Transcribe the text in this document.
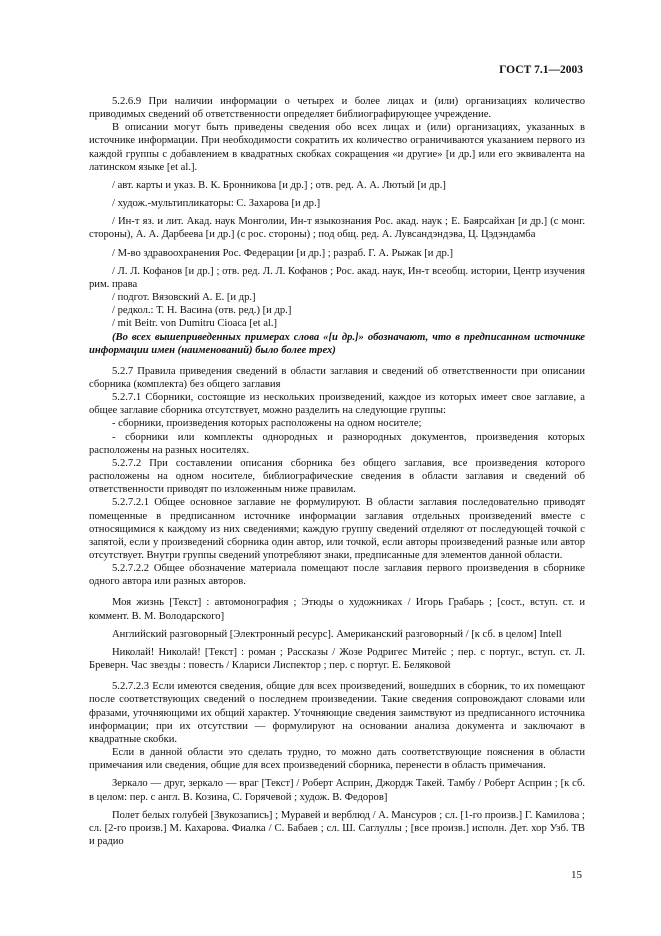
ГОСТ 7.1—2003

5.2.6.9 При наличии информации о четырех и более лицах и (или) организациях количество приводимых сведений об ответственности определяет библиографирующее учреждение.

В описании могут быть приведены сведения обо всех лицах и (или) организациях, указанных в источнике информации. При необходимости сократить их количество ограничиваются указанием первого из каждой группы с добавлением в квадратных скобках сокращения «и другие» [и др.] или его эквивалента на латинском языке [et al.].

/ авт. карты и указ. В. К. Бронникова [и др.] ; отв. ред. А. А. Лютый [и др.]

/ худож.-мультипликаторы: С. Захарова [и др.]

/ Ин-т яз. и лит. Акад. наук Монголии, Ин-т языкознания Рос. акад. наук ; Е. Баярсайхан [и др.] (с монг. стороны), А. А. Дарбеева [и др.] (с рос. стороны) ; под общ. ред. А. Лувсандэндэва, Ц. Цэдэндамба

/ М-во здравоохранения Рос. Федерации [и др.] ; разраб. Г. А. Рыжак [и др.]

/ Л. Л. Кофанов [и др.] ; отв. ред. Л. Л. Кофанов ; Рос. акад. наук, Ин-т всеобщ. истории, Центр изучения рим. права

/ подгот. Вязовский А. Е. [и др.]

/ редкол.: Т. Н. Васина (отв. ред.) [и др.]

/ mit Beitr. von Dumitru Cioaca [et al.]

(Во всех вышеприведенных примерах слова «[и др.]» обозначают, что в предписанном источнике информации имен (наименований) было более трех)

5.2.7 Правила приведения сведений в области заглавия и сведений об ответственности при описании сборника (комплекта) без общего заглавия

5.2.7.1 Сборники, состоящие из нескольких произведений, каждое из которых имеет свое заглавие, а общее заглавие сборника отсутствует, можно разделить на следующие группы:

- сборники, произведения которых расположены на одном носителе;

- сборники или комплекты однородных и разнородных документов, произведения которых расположены на разных носителях.

5.2.7.2 При составлении описания сборника без общего заглавия, все произведения которого расположены на одном носителе, библиографические сведения в области заглавия и сведений об ответственности приводят по изложенным ниже правилам.

5.2.7.2.1 Общее основное заглавие не формулируют. В области заглавия последовательно приводят помещенные в предписанном источнике информации заглавия отдельных произведений вместе с относящимися к каждому из них сведениями; каждую группу сведений отделяют от последующей точкой с запятой, если у произведений сборника один автор, или точкой, если авторы произведений разные или автор отсутствует. Внутри группы сведений употребляют знаки, предписанные для элементов данной области.

5.2.7.2.2 Общее обозначение материала помещают после заглавия первого произведения в сборнике одного автора или разных авторов.

Моя жизнь [Текст] : автомонография ; Этюды о художниках / Игорь Грабарь ; [сост., вступ. ст. и коммент. В. М. Володарского]

Английский разговорный [Электронный ресурс]. Американский разговорный / [к сб. в целом] Intell

Николай! Николай! [Текст] : роман ; Рассказы / Жозе Родригес Митейс ; пер. с португ., вступ. ст. Л. Бреверн. Час звезды : повесть / Клариси Лиспектор ; пер. с португ. Е. Беляковой

5.2.7.2.3 Если имеются сведения, общие для всех произведений, вошедших в сборник, то их помещают после соответствующих сведений о последнем произведении. Такие сведения сопровождают словами или фразами, уточняющими их общий характер. Уточняющие сведения заимствуют из предписанного источника информации; при их отсутствии — формулируют на основании анализа документа и заключают в квадратные скобки.

Если в данной области это сделать трудно, то можно дать соответствующие пояснения в области примечания или сведения, общие для всех произведений сборника, перенести в область примечания.

Зеркало — друг, зеркало — враг [Текст] / Роберт Асприн, Джордж Такей. Тамбу / Роберт Асприн ; [к сб. в целом: пер. с англ. В. Козина, С. Горячевой ; худож. В. Федоров]

Полет белых голубей [Звукозапись] ; Муравей и верблюд / А. Мансуров ; сл. [1-го произв.] Г. Камилова ; сл. [2-го произв.] М. Кахарова. Фиалка / С. Бабаев ; сл. Ш. Саглуллы ; [все произв.] исполн. Дет. хор Узб. ТВ и радио

15
